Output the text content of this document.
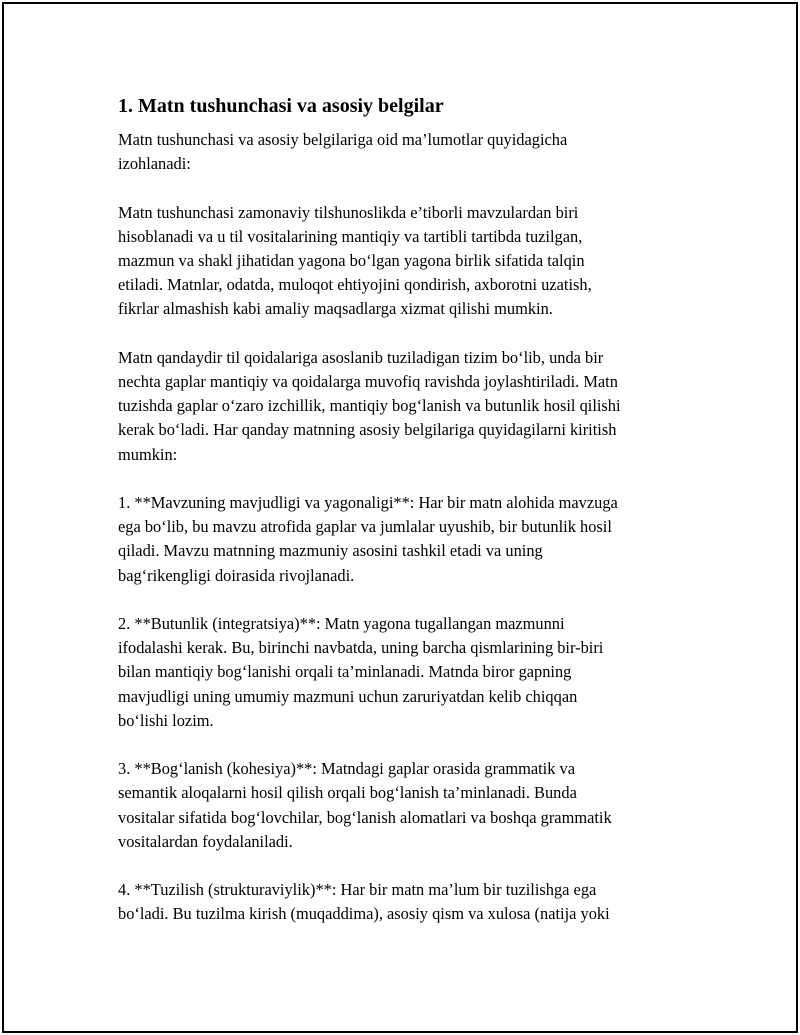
1. Matn tushunchasi va asosiy belgilar
Matn tushunchasi va asosiy belgilariga oid ma’lumotlar quyidagicha
izohlanadi:
Matn tushunchasi zamonaviy tilshunoslikda e’tiborli mavzulardan biri
hisoblanadi va u til vositalarining mantiqiy va tartibli tartibda tuzilgan,
mazmun va shakl jihatidan yagona bo‘lgan yagona birlik sifatida talqin
etiladi. Matnlar, odatda, muloqot ehtiyojini qondirish, axborotni uzatish,
fikrlar almashish kabi amaliy maqsadlarga xizmat qilishi mumkin.
Matn qandaydir til qoidalariga asoslanib tuziladigan tizim bo‘lib, unda bir
nechta gaplar mantiqiy va qoidalarga muvofiq ravishda joylashtiriladi. Matn
tuzishda gaplar o‘zaro izchillik, mantiqiy bog‘lanish va butunlik hosil qilishi
kerak bo‘ladi. Har qanday matnning asosiy belgilariga quyidagilarni kiritish
mumkin:
1. **Mavzuning mavjudligi va yagonaligi**: Har bir matn alohida mavzuga
ega bo‘lib, bu mavzu atrofida gaplar va jumlalar uyushib, bir butunlik hosil
qiladi. Mavzu matnning mazmuniy asosini tashkil etadi va uning
bag‘rikengligi doirasida rivojlanadi.
2. **Butunlik (integratsiya)**: Matn yagona tugallangan mazmunni
ifodalashi kerak. Bu, birinchi navbatda, uning barcha qismlarining bir-biri
bilan mantiqiy bog‘lanishi orqali ta’minlanadi. Matnda biror gapning
mavjudligi uning umumiy mazmuni uchun zaruriyatdan kelib chiqqan
bo‘lishi lozim.
3. **Bog‘lanish (kohesiya)**: Matndagi gaplar orasida grammatik va
semantik aloqalarni hosil qilish orqali bog‘lanish ta’minlanadi. Bunda
vositalar sifatida bog‘lovchilar, bog‘lanish alomatlari va boshqa grammatik
vositalardan foydalaniladi.
4. **Tuzilish (strukturaviylik)**: Har bir matn ma’lum bir tuzilishga ega
bo‘ladi. Bu tuzilma kirish (muqaddima), asosiy qism va xulosa (natija yoki
